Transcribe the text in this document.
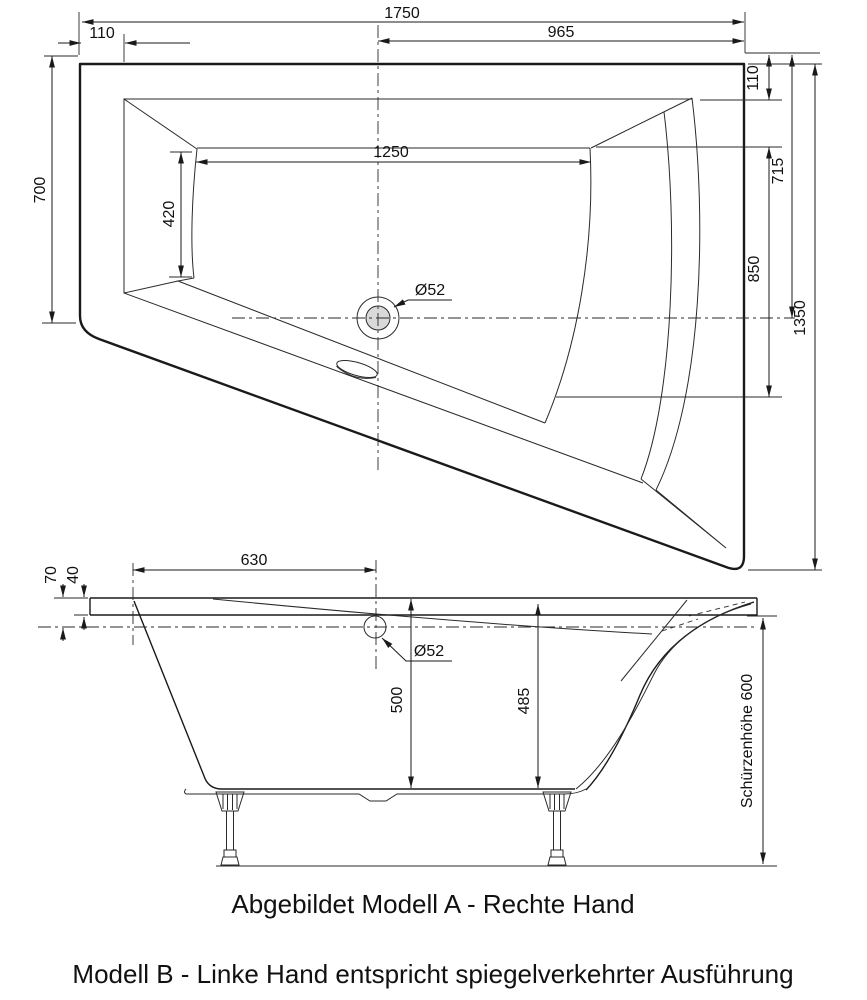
1750
965
110
700
420
1250
Ø52
110
715
850
1350
630
70 40
Ø52
500	485	Schürzenhöhe 600
Abgebildet Modell A - Rechte Hand
Modell B - Linke Hand entspricht spiegelverkehrter Ausführung
